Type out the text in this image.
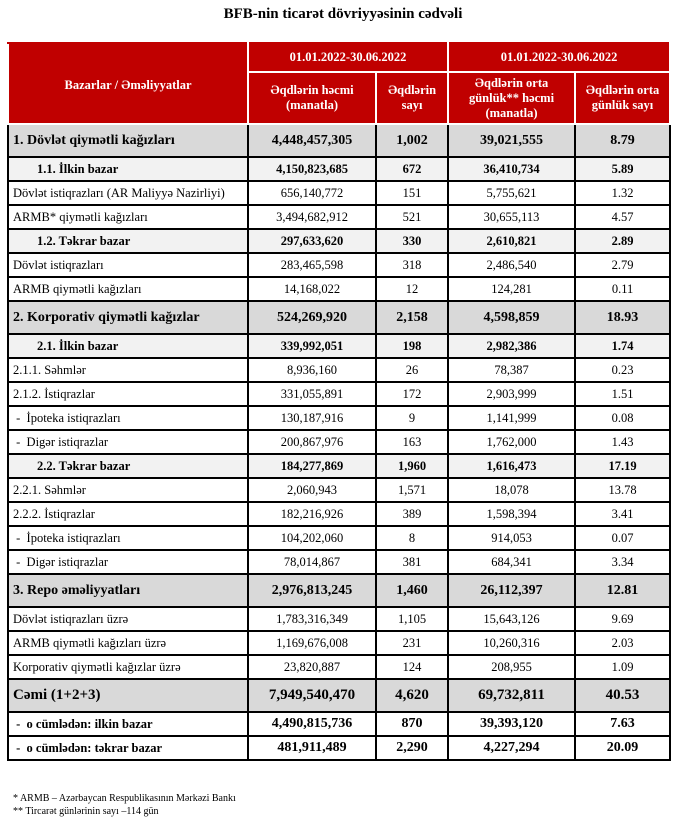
BFB-nin ticarət dövriyyəsinin cədvəli
Bazarlar / Əməliyyatlar	01.01.2022-30.06.2022		01.01.2022-30.06.2022	
	Əqdlərin həcmi (manatla)	Əqdlərin sayı	Əqdlərin orta günlük** həcmi (manatla)	Əqdlərin orta günlük sayı
1. Dövlət qiymətli kağızları	4,448,457,305	1,002	39,021,555	8.79
1.1. İlkin bazar	4,150,823,685	672	36,410,734	5.89
Dövlət istiqrazları (AR Maliyyə Nazirliyi)	656,140,772	151	5,755,621	1.32
ARMB* qiymətli kağızları	3,494,682,912	521	30,655,113	4.57
1.2. Təkrar bazar	297,633,620	330	2,610,821	2.89
Dövlət istiqrazları	283,465,598	318	2,486,540	2.79
ARMB qiymətli kağızları	14,168,022	12	124,281	0.11
2. Korporativ qiymətli kağızlar	524,269,920	2,158	4,598,859	18.93
2.1. İlkin bazar	339,992,051	198	2,982,386	1.74
2.1.1. Səhmlər	8,936,160	26	78,387	0.23
2.1.2. İstiqrazlar	331,055,891	172	2,903,999	1.51
-  İpoteka istiqrazları	130,187,916	9	1,141,999	0.08
-  Digər istiqrazlar	200,867,976	163	1,762,000	1.43
2.2. Təkrar bazar	184,277,869	1,960	1,616,473	17.19
2.2.1. Səhmlər	2,060,943	1,571	18,078	13.78
2.2.2. İstiqrazlar	182,216,926	389	1,598,394	3.41
-  İpoteka istiqrazları	104,202,060	8	914,053	0.07
-  Digər istiqrazlar	78,014,867	381	684,341	3.34
3. Repo əməliyyatları	2,976,813,245	1,460	26,112,397	12.81
Dövlət istiqrazları üzrə	1,783,316,349	1,105	15,643,126	9.69
ARMB qiymətli kağızları üzrə	1,169,676,008	231	10,260,316	2.03
Korporativ qiymətli kağızlar üzrə	23,820,887	124	208,955	1.09
Cəmi (1+2+3)	7,949,540,470	4,620	69,732,811	40.53
-  o cümlədən: ilkin bazar	4,490,815,736	870	39,393,120	7.63
-  o cümlədən: təkrar bazar	481,911,489	2,290	4,227,294	20.09
* ARMB – Azərbaycan Respublikasının Mərkəzi Bankı
** Tircarət günlərinin sayı –114 gün
